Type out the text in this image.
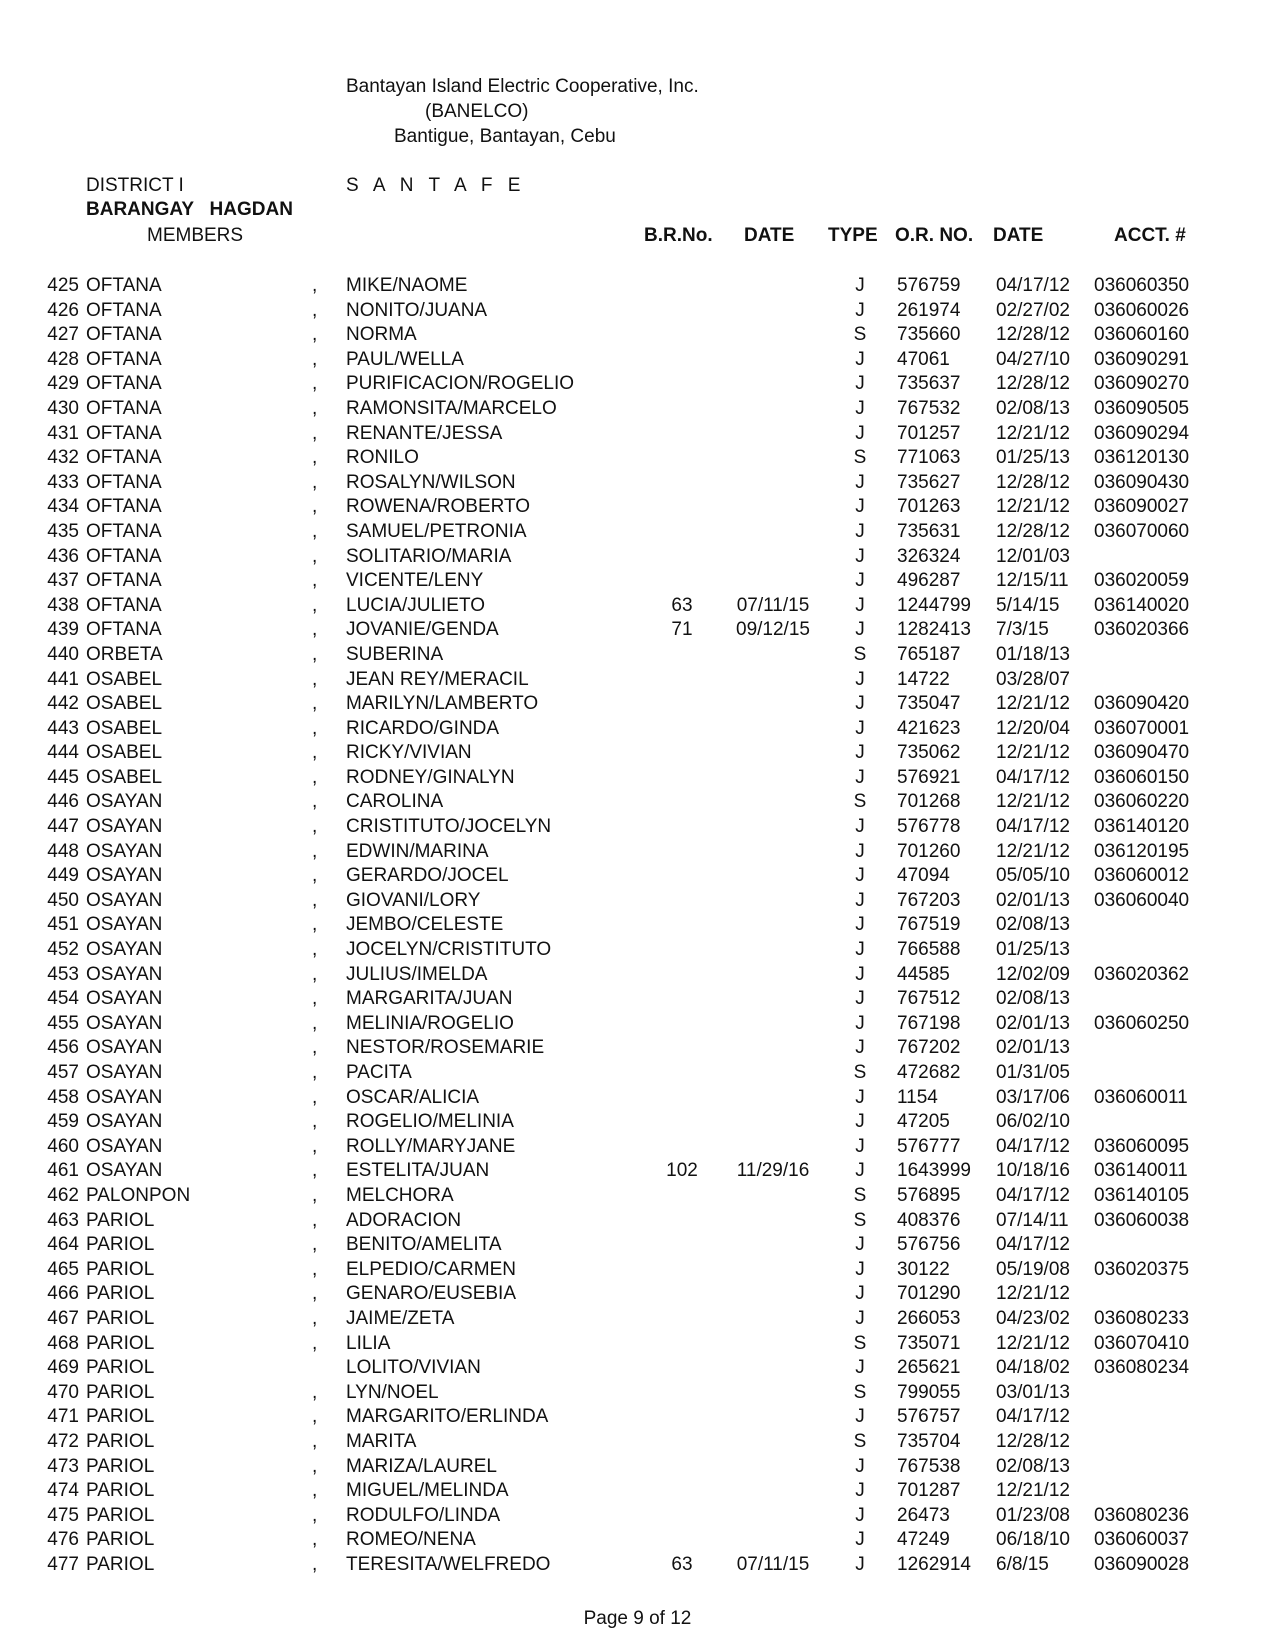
Bantayan Island Electric Cooperative, Inc.
(BANELCO)
Bantigue, Bantayan, Cebu
DISTRICT I	S A N T A F E
BARANGAY   HAGDAN
MEMBERS	B.R.No. DATE TYPE O.R. NO. DATE	ACCT. #
425 OFTANA	, MIKE/NAOME	J 576759 04/17/12 036060350
426 OFTANA	, NONITO/JUANA	J 261974 02/27/02 036060026
427 OFTANA	, NORMA	S 735660 12/28/12 036060160
428 OFTANA	, PAUL/WELLA	J 47061 04/27/10 036090291
429 OFTANA	, PURIFICACION/ROGELIO	J 735637 12/28/12 036090270
430 OFTANA	, RAMONSITA/MARCELO	J 767532 02/08/13 036090505
431 OFTANA	, RENANTE/JESSA	J 701257 12/21/12 036090294
432 OFTANA	, RONILO	S 771063 01/25/13 036120130
433 OFTANA	, ROSALYN/WILSON	J 735627 12/28/12 036090430
434 OFTANA	, ROWENA/ROBERTO	J 701263 12/21/12 036090027
435 OFTANA	, SAMUEL/PETRONIA	J 735631 12/28/12 036070060
436 OFTANA	, SOLITARIO/MARIA	J 326324 12/01/03
437 OFTANA	, VICENTE/LENY	J 496287 12/15/11 036020059
438 OFTANA	, LUCIA/JULIETO	63	07/11/15	J 1244799 5/14/15 036140020
439 OFTANA	, JOVANIE/GENDA	71	09/12/15	J 1282413 7/3/15 036020366
440 ORBETA	, SUBERINA	S 765187 01/18/13
441 OSABEL	, JEAN REY/MERACIL	J 14722 03/28/07
442 OSABEL	, MARILYN/LAMBERTO	J 735047 12/21/12 036090420
443 OSABEL	, RICARDO/GINDA	J 421623 12/20/04 036070001
444 OSABEL	, RICKY/VIVIAN	J 735062 12/21/12 036090470
445 OSABEL	, RODNEY/GINALYN	J 576921 04/17/12 036060150
446 OSAYAN	, CAROLINA	S 701268 12/21/12 036060220
447 OSAYAN	, CRISTITUTO/JOCELYN	J 576778 04/17/12 036140120
448 OSAYAN	, EDWIN/MARINA	J 701260 12/21/12 036120195
449 OSAYAN	, GERARDO/JOCEL	J 47094 05/05/10 036060012
450 OSAYAN	, GIOVANI/LORY	J 767203 02/01/13 036060040
451 OSAYAN	, JEMBO/CELESTE	J 767519 02/08/13
452 OSAYAN	, JOCELYN/CRISTITUTO	J 766588 01/25/13
453 OSAYAN	, JULIUS/IMELDA	J 44585 12/02/09 036020362
454 OSAYAN	, MARGARITA/JUAN	J 767512 02/08/13
455 OSAYAN	, MELINIA/ROGELIO	J 767198 02/01/13 036060250
456 OSAYAN	, NESTOR/ROSEMARIE	J 767202 02/01/13
457 OSAYAN	, PACITA	S 472682 01/31/05
458 OSAYAN	, OSCAR/ALICIA	J 1154	03/17/06 036060011
459 OSAYAN	, ROGELIO/MELINIA	J 47205 06/02/10
460 OSAYAN	, ROLLY/MARYJANE	J 576777 04/17/12 036060095
461 OSAYAN	, ESTELITA/JUAN	102	11/29/16	J 1643999 10/18/16 036140011
462 PALONPON	, MELCHORA	S 576895 04/17/12 036140105
463 PARIOL	, ADORACION	S 408376 07/14/11 036060038
464 PARIOL	, BENITO/AMELITA	J 576756 04/17/12
465 PARIOL	, ELPEDIO/CARMEN	J 30122 05/19/08 036020375
466 PARIOL	, GENARO/EUSEBIA	J 701290 12/21/12
467 PARIOL	, JAIME/ZETA	J 266053 04/23/02 036080233
468 PARIOL	, LILIA	S 735071 12/21/12 036070410
469 PARIOL	LOLITO/VIVIAN	J 265621 04/18/02 036080234
470 PARIOL	, LYN/NOEL	S 799055 03/01/13
471 PARIOL	, MARGARITO/ERLINDA	J 576757 04/17/12
472 PARIOL	, MARITA	S 735704 12/28/12
473 PARIOL	, MARIZA/LAUREL	J 767538 02/08/13
474 PARIOL	, MIGUEL/MELINDA	J 701287 12/21/12
475 PARIOL	, RODULFO/LINDA	J 26473 01/23/08 036080236
476 PARIOL	, ROMEO/NENA	J 47249 06/18/10 036060037
477 PARIOL	, TERESITA/WELFREDO	63	07/11/15	J 1262914 6/8/15 036090028
Page 9 of 12
